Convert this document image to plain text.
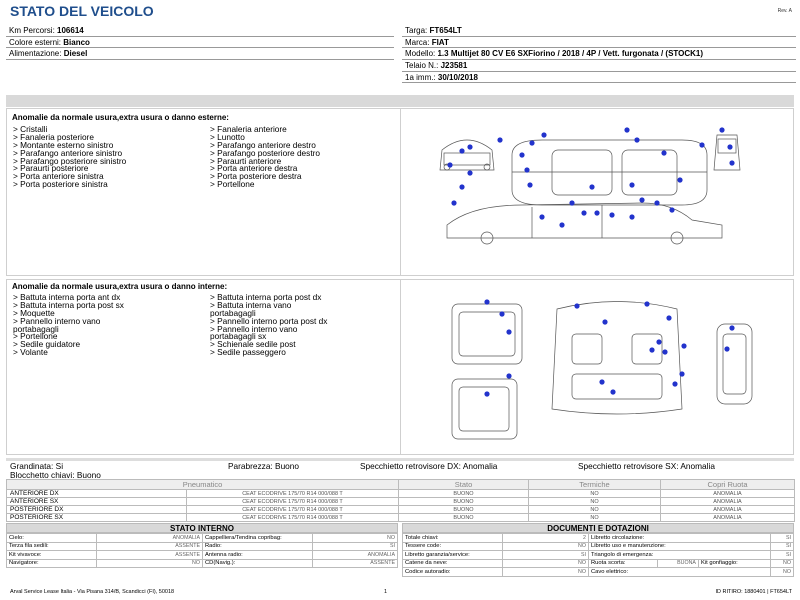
STATO DEL VEICOLO	Rev. A
Km Percorsi: 106614
Colore esterni: Bianco
Alimentazione: Diesel
Targa: FT654LT
Marca: FIAT
Modello: 1.3 Multijet 80 CV E6 SXFiorino / 2018 / 4P / Vett. furgonata / (STOCK1)
Telaio N.: J23581
1a imm.: 30/10/2018
Anomalie da normale usura,extra usura o danno esterne:
> Cristalli
> Fanaleria posteriore
> Montante esterno sinistro
> Parafango anteriore sinistro
> Parafango posteriore sinistro
> Paraurti posteriore
> Porta anteriore sinistra
> Porta posteriore sinistra
> Fanaleria anteriore
> Lunotto
> Parafango anteriore destro
> Parafango posteriore destro
> Paraurti anteriore
> Porta anteriore destra
> Porta posteriore destra
> Portellone
Anomalie da normale usura,extra usura o danno interne:
> Battuta interna porta ant dx
> Battuta interna porta post sx
> Moquette
> Pannello interno vano
portabagagli
> Portellone
> Sedile guidatore
> Volante
> Battuta interna porta post dx
> Battuta interna vano
portabagagli
> Pannello interno porta post dx
> Pannello interno vano
portabagagli sx
> Schienale sedile post
> Sedile passeggero
Grandinata: Si
Blocchetto chiavi: Buono
Parabrezza: Buono	Specchietto retrovisore DX: Anomalia	Specchietto retrovisore SX: Anomalia
Pneumatico		Stato	Termiche	Copri Ruota
ANTERIORE DX	CEAT ECODRIVE 175/70 R14 000/088 T	BUONO	NO	ANOMALIA
ANTERIORE SX	CEAT ECODRIVE 175/70 R14 000/088 T	BUONO	NO	ANOMALIA
POSTERIORE DX	CEAT ECODRIVE 175/70 R14 000/088 T	BUONO	NO	ANOMALIA
POSTERIORE SX	CEAT ECODRIVE 175/70 R14 000/088 T	BUONO	NO	ANOMALIA
STATO INTERNO
Cielo:	ANOMALIA	Cappelliera/Tendina copribag:	NO
Terza fila sedili:	ASSENTE	Radio:	SI
Kit vivavoce:	ASSENTE	Antenna radio:	ANOMALIA
Navigatore:	NO	CD(Navig.):	ASSENTE
DOCUMENTI E DOTAZIONI
Totale chiavi:	2	Libretto circolazione:			SI
Tessere code:	NO	Libretto uso e manutenzione:			SI
Libretto garanzia/service:	SI	Triangolo di emergenza:			SI
Catene da neve:	NO	Ruota scorta:	BUONA	Kit gonfiaggio:	NO
Codice autoradio:	NO	Cavo elettrico:			NO
Arval Service Lease Italia - Via Pisana 314/B, Scandicci (FI), 50018	1	ID RITIRO: 1880401 | FT654LT
